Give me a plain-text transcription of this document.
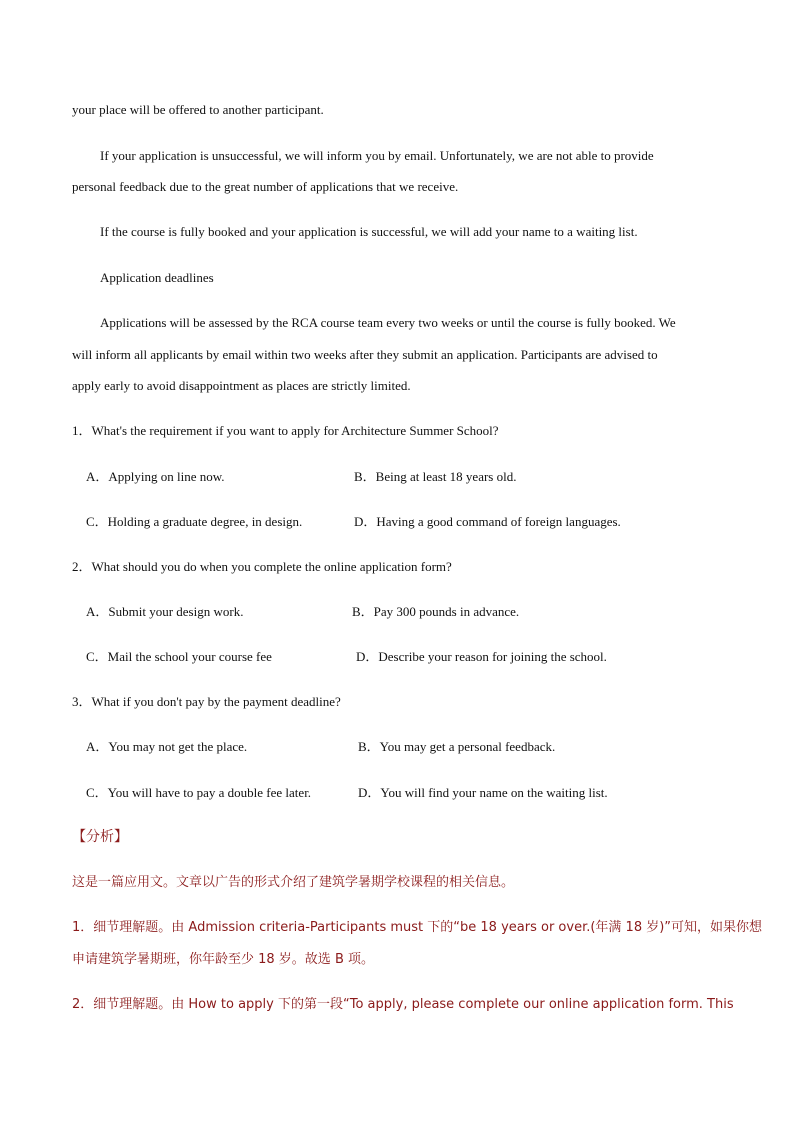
your place will be offered to another participant.
If your application is unsuccessful, we will inform you by email. Unfortunately, we are not able to provide
personal feedback due to the great number of applications that we receive.
If the course is fully booked and your application is successful, we will add your name to a waiting list.
Application deadlines
Applications will be assessed by the RCA course team every two weeks or until the course is fully booked. We
will inform all applicants by email within two weeks after they submit an application. Participants are advised to
apply early to avoid disappointment as places are strictly limited.
1．What's the requirement if you want to apply for Architecture Summer School?
A．Applying on line now.	B．Being at least 18 years old.
C．Holding a graduate degree, in design.	D．Having a good command of foreign languages.
2．What should you do when you complete the online application form?
A．Submit your design work.	B．Pay 300 pounds in advance.
C．Mail the school your course fee	D．Describe your reason for joining the school.
3．What if you don't pay by the payment deadline?
A．You may not get the place.	B．You may get a personal feedback.
C．You will have to pay a double fee later.	D．You will find your name on the waiting list.
【分析】
这是一篇应用文。文章以广告的形式介绍了建筑学暑期学校课程的相关信息。
1．细节理解题。由 Admission criteria-Participants must 下的“be 18 years or over.(年满 18 岁)”可知，如果你想
申请建筑学暑期班，你年龄至少 18 岁。故选 B 项。
2．细节理解题。由 How to apply 下的第一段“To apply, please complete our online application form. This
